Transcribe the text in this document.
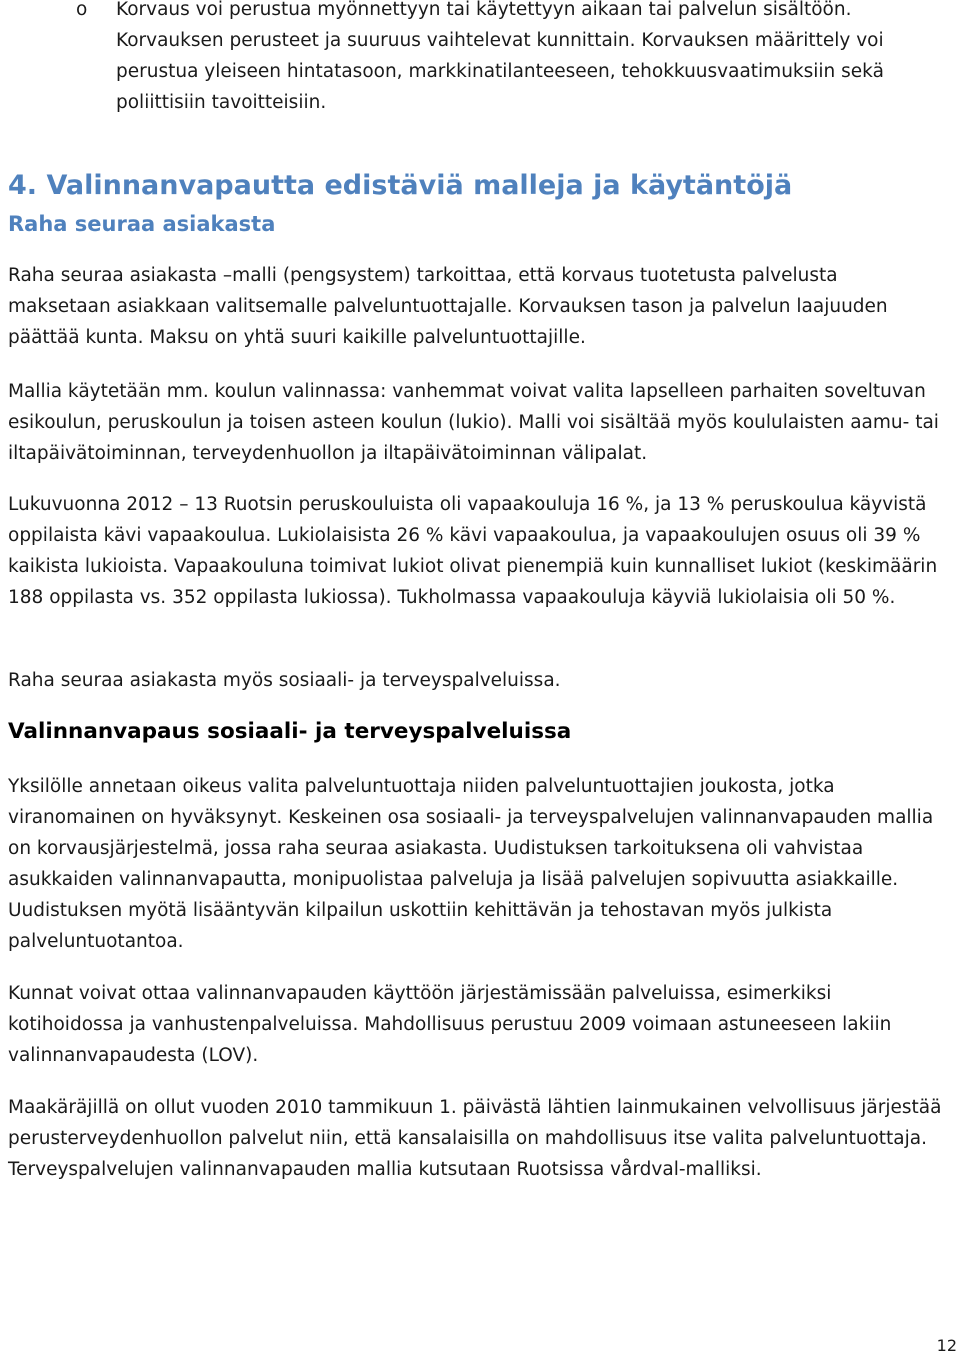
o Korvaus voi perustua myönnettyyn tai käytettyyn aikaan tai palvelun sisältöön. Korvauksen perusteet ja suuruus vaihtelevat kunnittain. Korvauksen määrittely voi perustua yleiseen hintatasoon, markkinatilanteeseen, tehokkuusvaatimuksiin sekä poliittisiin tavoitteisiin.

4. Valinnanvapautta edistäviä malleja ja käytäntöjä
Raha seuraa asiakasta

Raha seuraa asiakasta –malli (pengsystem) tarkoittaa, että korvaus tuotetusta palvelusta maksetaan asiakkaan valitsemalle palveluntuottajalle. Korvauksen tason ja palvelun laajuuden päättää kunta. Maksu on yhtä suuri kaikille palveluntuottajille.

Mallia käytetään mm. koulun valinnassa: vanhemmat voivat valita lapselleen parhaiten soveltuvan esikoulun, peruskoulun ja toisen asteen koulun (lukio). Malli voi sisältää myös koululaisten aamu- tai iltapäivätoiminnan, terveydenhuollon ja iltapäivätoiminnan välipalat.

Lukuvuonna 2012 – 13 Ruotsin peruskouluista oli vapaakouluja 16 %, ja 13 % peruskoulua käyvistä oppilaista kävi vapaakoulua. Lukiolaisista 26 % kävi vapaakoulua, ja vapaakoulujen osuus oli 39 % kaikista lukioista. Vapaakouluna toimivat lukiot olivat pienempiä kuin kunnalliset lukiot (keskimäärin 188 oppilasta vs. 352 oppilasta lukiossa). Tukholmassa vapaakouluja käyviä lukiolaisia oli 50 %.

Raha seuraa asiakasta myös sosiaali- ja terveyspalveluissa.

Valinnanvapaus sosiaali- ja terveyspalveluissa

Yksilölle annetaan oikeus valita palveluntuottaja niiden palveluntuottajien joukosta, jotka viranomainen on hyväksynyt. Keskeinen osa sosiaali- ja terveyspalvelujen valinnanvapauden mallia on korvausjärjestelmä, jossa raha seuraa asiakasta. Uudistuksen tarkoituksena oli vahvistaa asukkaiden valinnanvapautta, monipuolistaa palveluja ja lisää palvelujen sopivuutta asiakkaille. Uudistuksen myötä lisääntyvän kilpailun uskottiin kehittävän ja tehostavan myös julkista palveluntuotantoa.

Kunnat voivat ottaa valinnanvapauden käyttöön järjestämissään palveluissa, esimerkiksi kotihoidossa ja vanhustenpalveluissa. Mahdollisuus perustuu 2009 voimaan astuneeseen lakiin valinnanvapaudesta (LOV).

Maakäräjillä on ollut vuoden 2010 tammikuun 1. päivästä lähtien lainmukainen velvollisuus järjestää perusterveydenhuollon palvelut niin, että kansalaisilla on mahdollisuus itse valita palveluntuottaja. Terveyspalvelujen valinnanvapauden mallia kutsutaan Ruotsissa vårdval-malliksi.

12
